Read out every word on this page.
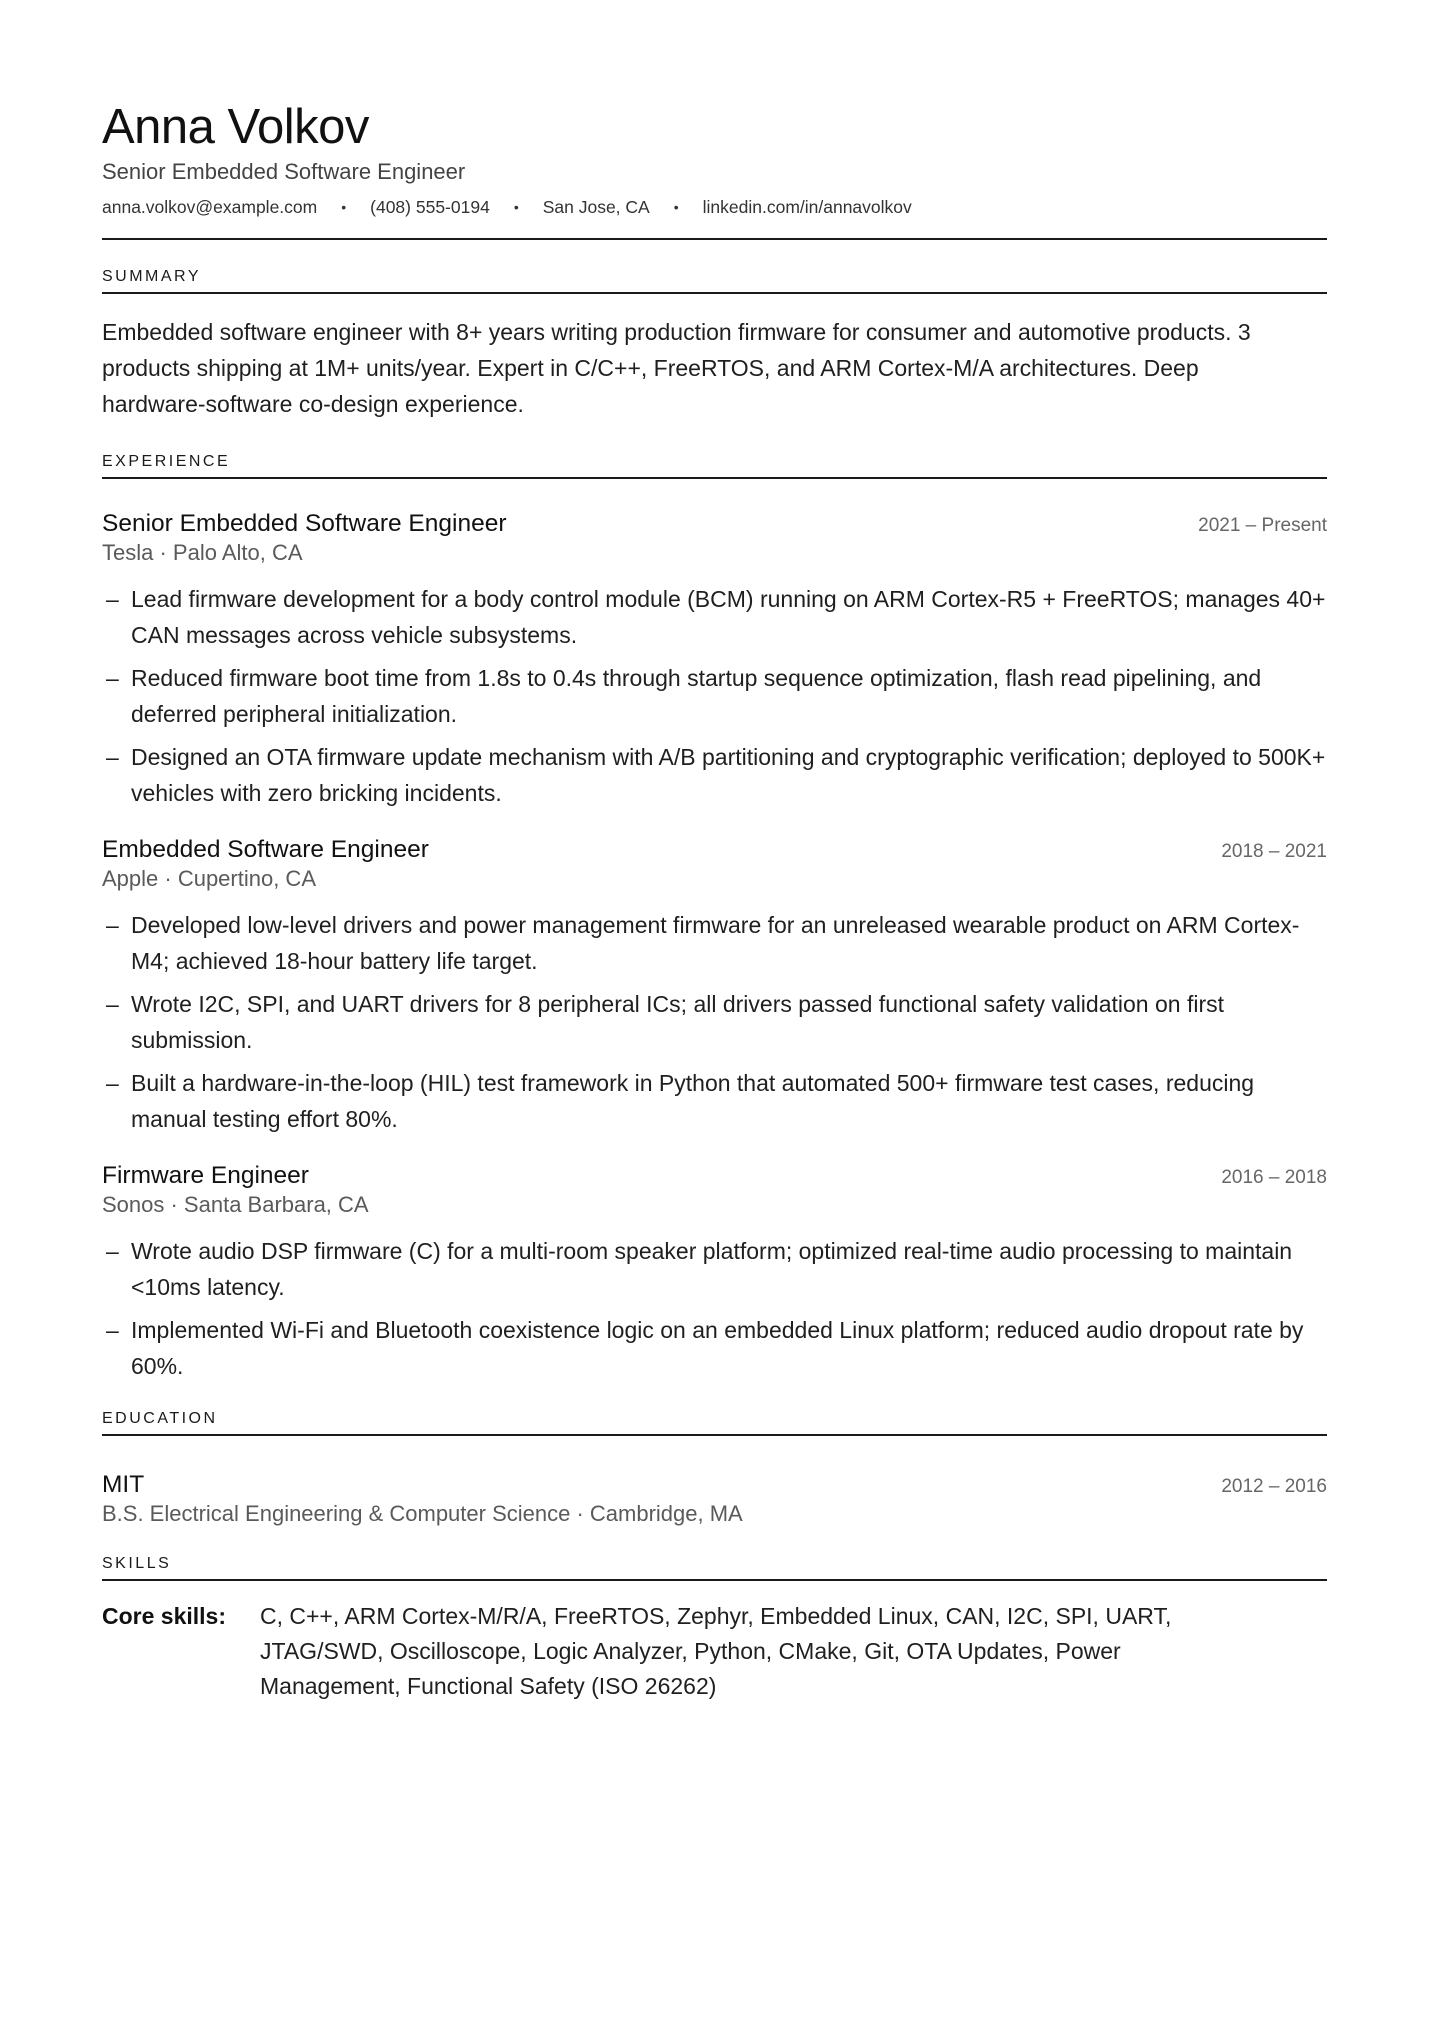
Anna Volkov
Senior Embedded Software Engineer
anna.volkov@example.com • (408) 555-0194 • San Jose, CA • linkedin.com/in/annavolkov
SUMMARY
Embedded software engineer with 8+ years writing production firmware for consumer and automotive products. 3 products shipping at 1M+ units/year. Expert in C/C++, FreeRTOS, and ARM Cortex-M/A architectures. Deep hardware-software co-design experience.
EXPERIENCE
Senior Embedded Software Engineer	2021 – Present
Tesla · Palo Alto, CA
– Lead firmware development for a body control module (BCM) running on ARM Cortex-R5 + FreeRTOS; manages 40+ CAN messages across vehicle subsystems.
– Reduced firmware boot time from 1.8s to 0.4s through startup sequence optimization, flash read pipelining, and deferred peripheral initialization.
– Designed an OTA firmware update mechanism with A/B partitioning and cryptographic verification; deployed to 500K+ vehicles with zero bricking incidents.
Embedded Software Engineer	2018 – 2021
Apple · Cupertino, CA
– Developed low-level drivers and power management firmware for an unreleased wearable product on ARM Cortex-M4; achieved 18-hour battery life target.
– Wrote I2C, SPI, and UART drivers for 8 peripheral ICs; all drivers passed functional safety validation on first submission.
– Built a hardware-in-the-loop (HIL) test framework in Python that automated 500+ firmware test cases, reducing manual testing effort 80%.
Firmware Engineer	2016 – 2018
Sonos · Santa Barbara, CA
– Wrote audio DSP firmware (C) for a multi-room speaker platform; optimized real-time audio processing to maintain <10ms latency.
– Implemented Wi-Fi and Bluetooth coexistence logic on an embedded Linux platform; reduced audio dropout rate by 60%.
EDUCATION
MIT	2012 – 2016
B.S. Electrical Engineering & Computer Science · Cambridge, MA
SKILLS
Core skills:	C, C++, ARM Cortex-M/R/A, FreeRTOS, Zephyr, Embedded Linux, CAN, I2C, SPI, UART, JTAG/SWD, Oscilloscope, Logic Analyzer, Python, CMake, Git, OTA Updates, Power Management, Functional Safety (ISO 26262)
